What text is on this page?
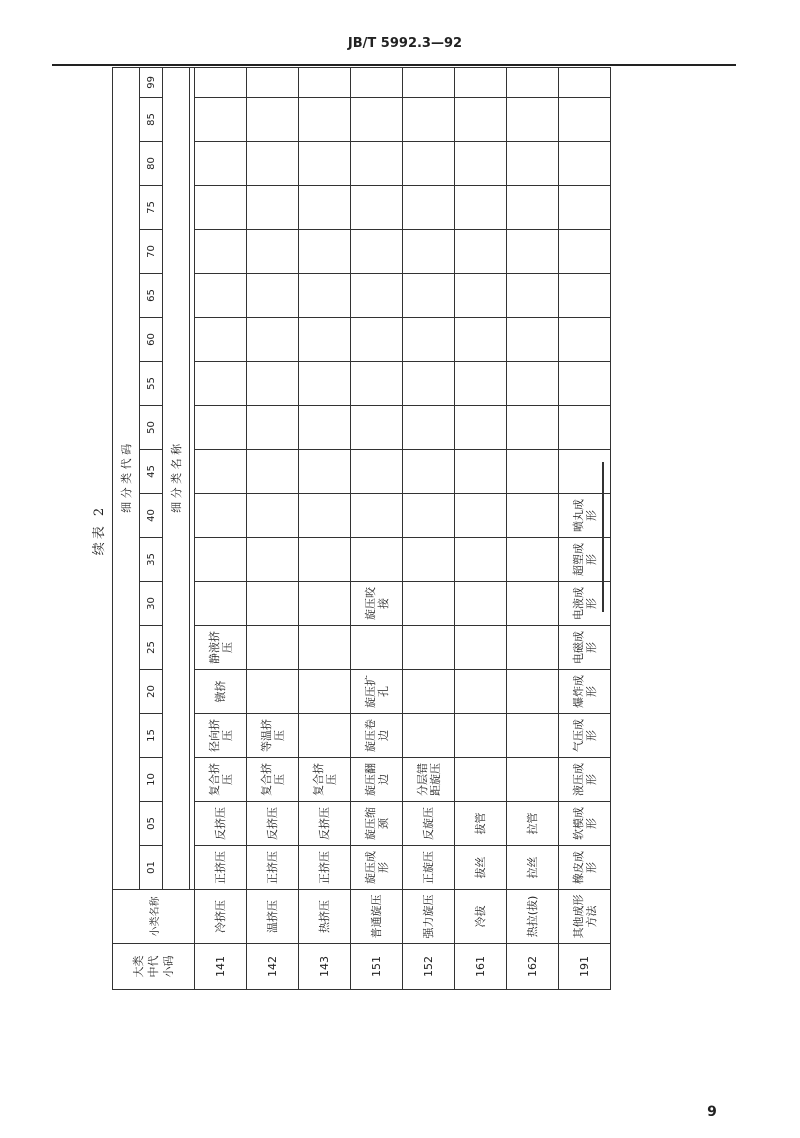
JB/T 5992.3—92
续表 2
大类 中代 小码	小类名称	细 分 类 代 码																		
		01	05	10	15	20	25	30	35	40	45	50	55	60	65	70	75	80	85	99
		细 分 类 名 称																		

141	冷挤压	正挤压	反挤压	复合挤压	径向挤压	镦挤	静液挤压													
142	温挤压	正挤压	反挤压	复合挤压	等温挤压															
143	热挤压	正挤压	反挤压	复合挤压																
151	普通旋压	旋压成形	旋压缩颈	旋压翻边	旋压卷边	旋压扩孔		旋压咬接												
152	强力旋压	正旋压	反旋压	分层错距旋压																
161	冷拔	拔丝	拔管																	
162	热拉(拔)	拉丝	拉管																	
191	其他成形方法	橡皮成形	软模成形	液压成形	气压成形	爆炸成形	电磁成形	电液成形	超塑成形	喷丸成形										
9
